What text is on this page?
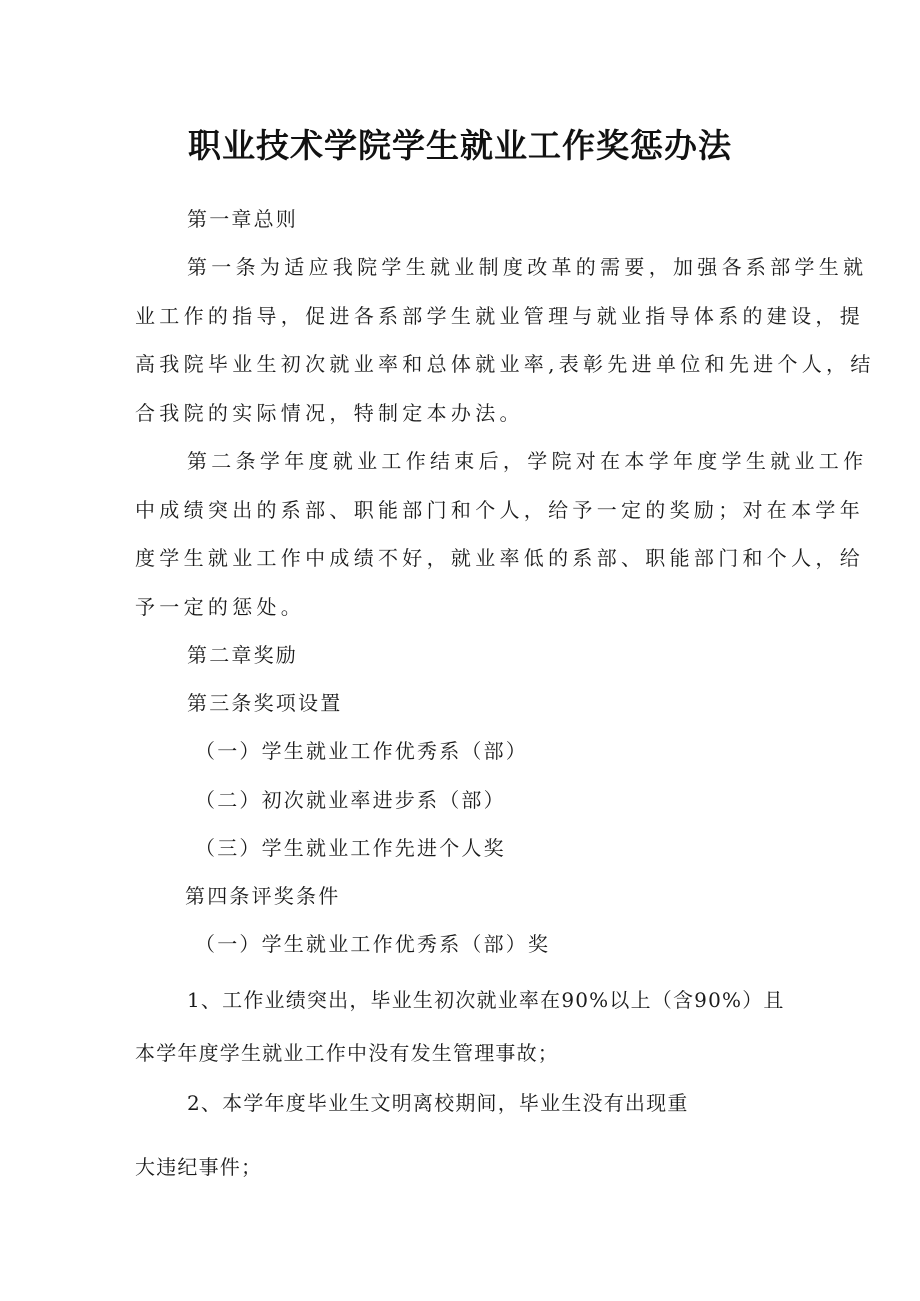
职业技术学院学生就业工作奖惩办法
第一章总则
第一条为适应我院学生就业制度改革的需要，加强各系部学生就
业工作的指导，促进各系部学生就业管理与就业指导体系的建设，提
高我院毕业生初次就业率和总体就业率,表彰先进单位和先进个人，结
合我院的实际情况，特制定本办法。
第二条学年度就业工作结束后，学院对在本学年度学生就业工作
中成绩突出的系部、职能部门和个人，给予一定的奖励；对在本学年
度学生就业工作中成绩不好，就业率低的系部、职能部门和个人，给
予一定的惩处。
第二章奖励
第三条奖项设置
（一）学生就业工作优秀系（部）
（二）初次就业率进步系（部）
（三）学生就业工作先进个人奖
第四条评奖条件
（一）学生就业工作优秀系（部）奖
1、工作业绩突出，毕业生初次就业率在90%以上（含90%）且
本学年度学生就业工作中没有发生管理事故；
2、本学年度毕业生文明离校期间，毕业生没有出现重
大违纪事件；
